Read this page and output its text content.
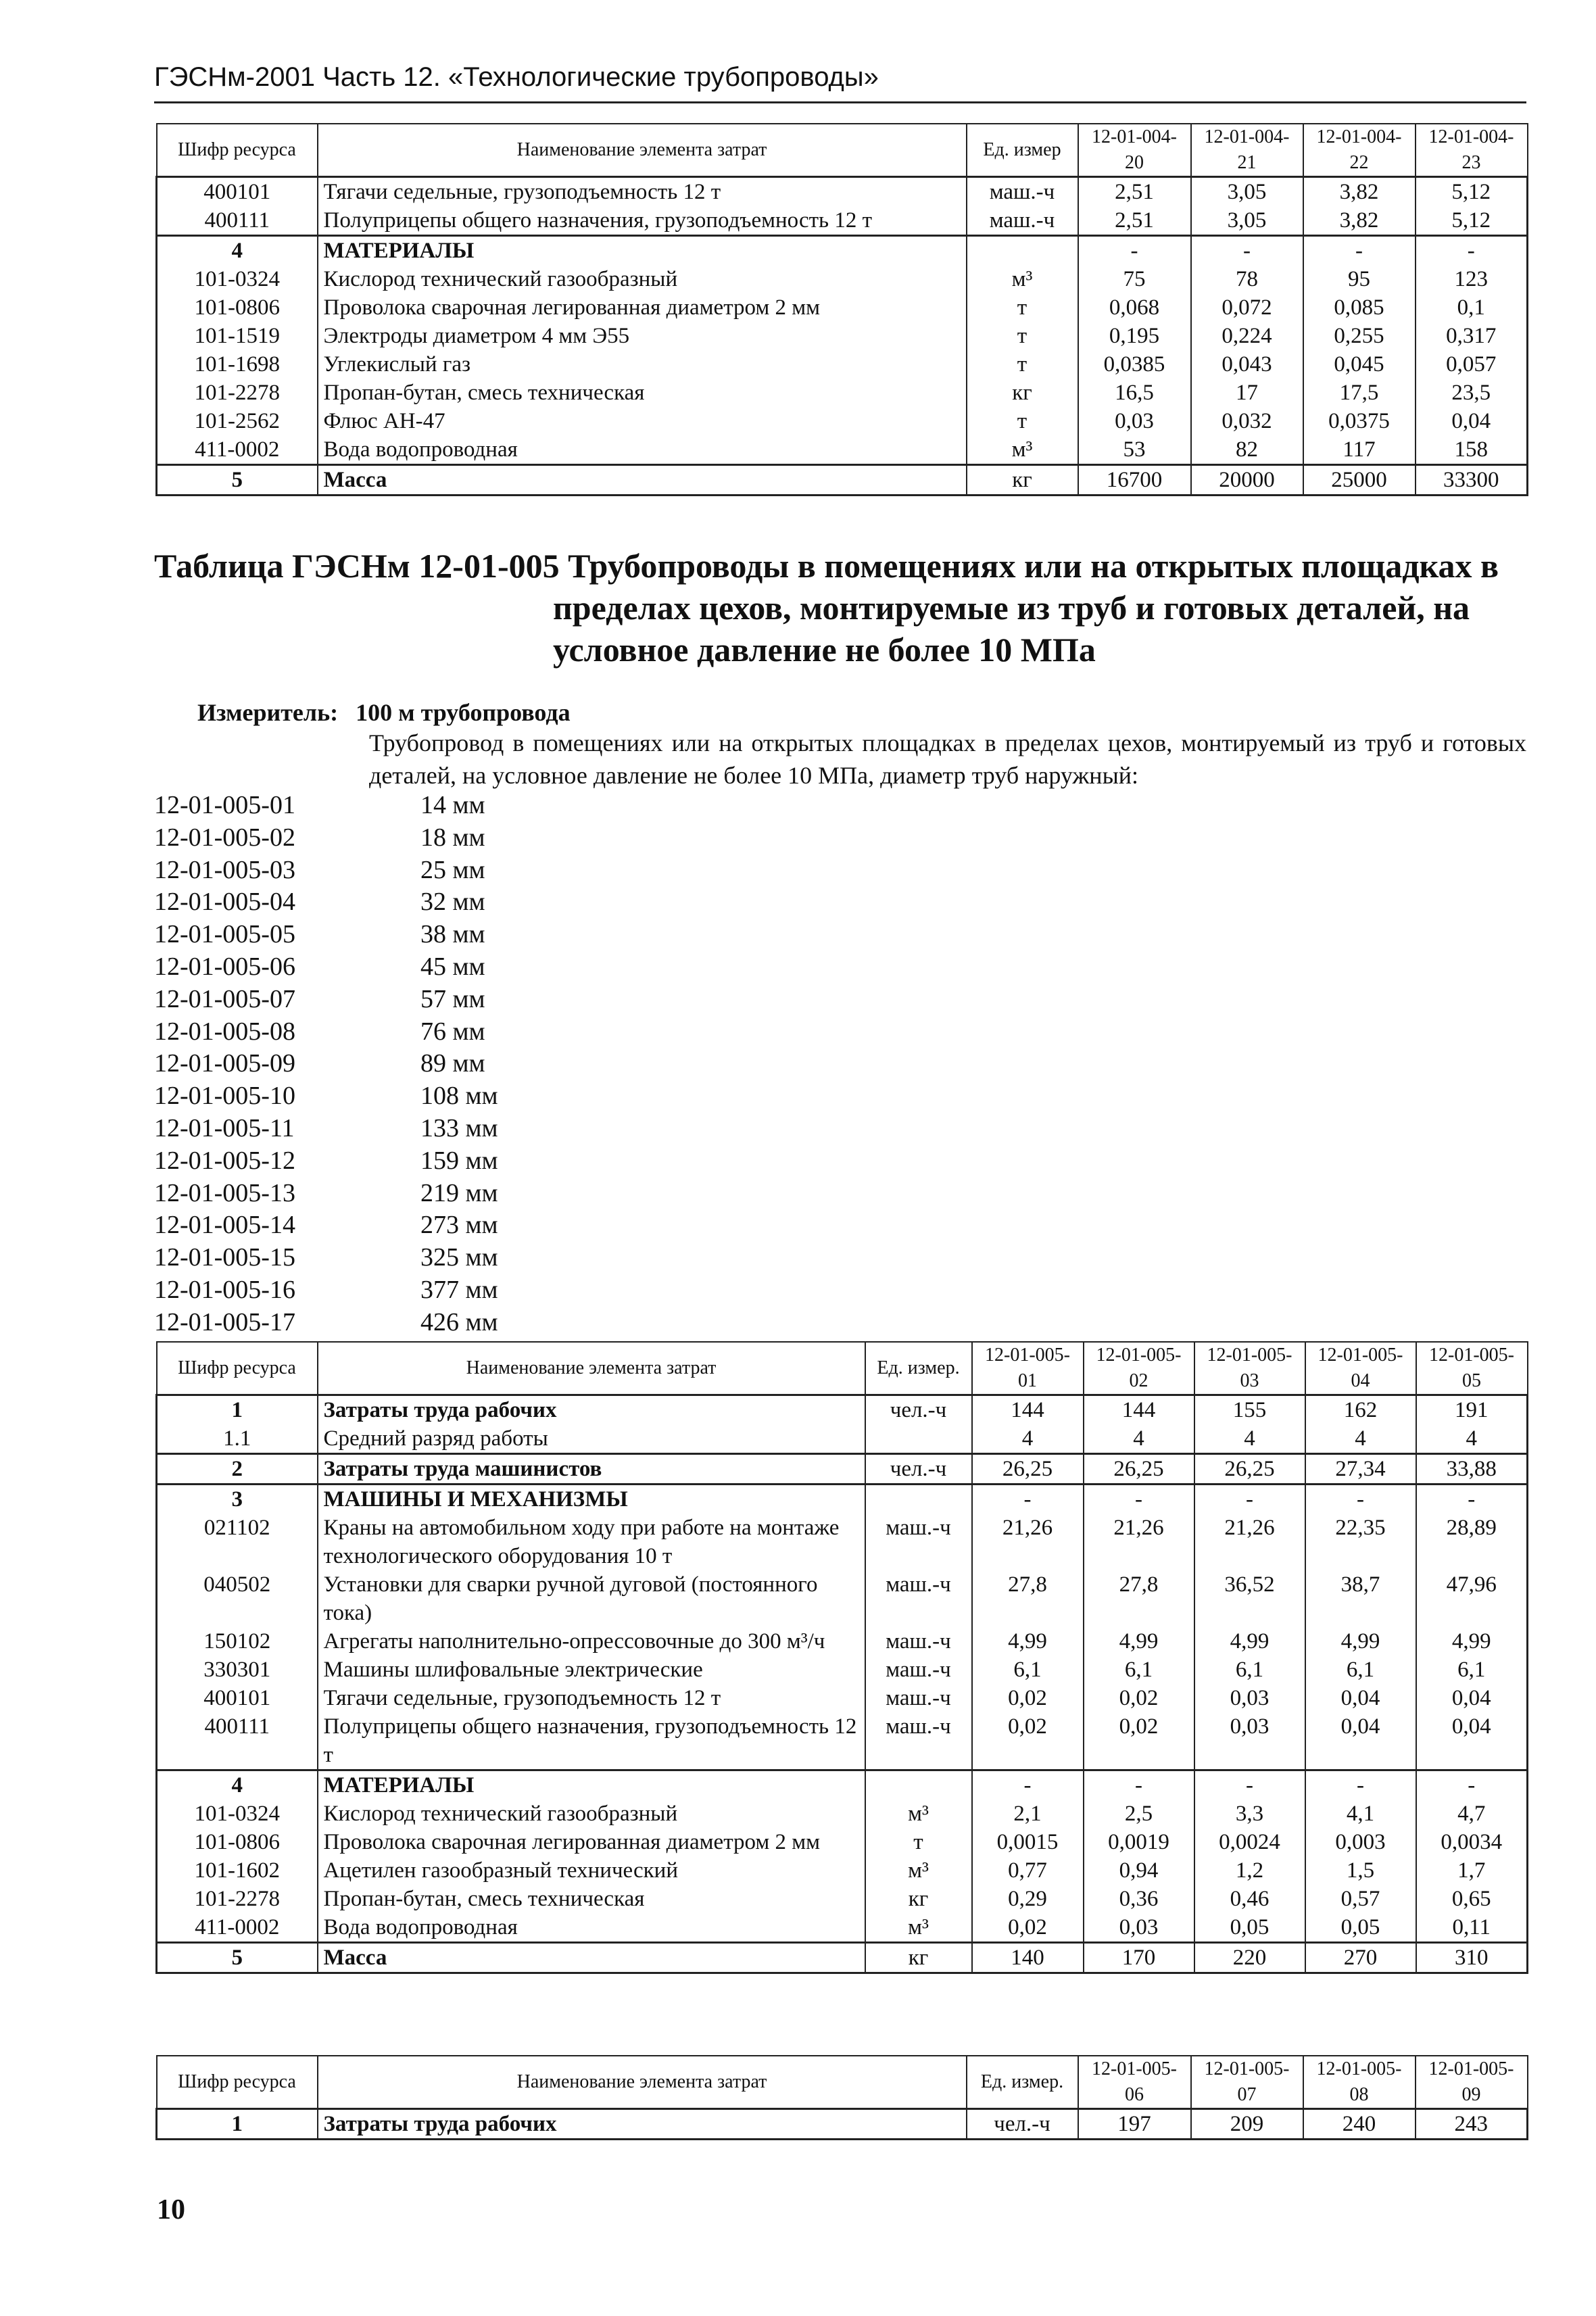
ГЭСНм-2001 Часть 12. «Технологические трубопроводы»
Шифр ресурса	Наименование элемента затрат	Ед. измер	12-01-004-20	12-01-004-21	12-01-004-22	12-01-004-23
400101	Тягачи седельные, грузоподъемность 12 т	маш.-ч	2,51	3,05	3,82	5,12
400111	Полуприцепы общего назначения, грузоподъемность 12 т	маш.-ч	2,51	3,05	3,82	5,12
4	МАТЕРИАЛЫ		-	-	-	-
101-0324	Кислород технический газообразный	м³	75	78	95	123
101-0806	Проволока сварочная легированная диаметром 2 мм	т	0,068	0,072	0,085	0,1
101-1519	Электроды диаметром 4 мм Э55	т	0,195	0,224	0,255	0,317
101-1698	Углекислый газ	т	0,0385	0,043	0,045	0,057
101-2278	Пропан-бутан, смесь техническая	кг	16,5	17	17,5	23,5
101-2562	Флюс АН-47	т	0,03	0,032	0,0375	0,04
411-0002	Вода водопроводная	м³	53	82	117	158
5	Масса	кг	16700	20000	25000	33300
Таблица ГЭСНм 12-01-005 Трубопроводы в помещениях или на открытых площадках в
пределах цехов, монтируемые из труб и готовых деталей, на
условное давление не более 10 МПа
Измеритель: 100 м трубопровода
Трубопровод в помещениях или на открытых площадках в пределах цехов, монтируемый из труб и готовых деталей, на условное давление не более 10 МПа, диаметр труб наружный:
12-01-005-01	14 мм
12-01-005-02	18 мм
12-01-005-03	25 мм
12-01-005-04	32 мм
12-01-005-05	38 мм
12-01-005-06	45 мм
12-01-005-07	57 мм
12-01-005-08	76 мм
12-01-005-09	89 мм
12-01-005-10	108 мм
12-01-005-11	133 мм
12-01-005-12	159 мм
12-01-005-13	219 мм
12-01-005-14	273 мм
12-01-005-15	325 мм
12-01-005-16	377 мм
12-01-005-17	426 мм
Шифр ресурса	Наименование элемента затрат	Ед. измер.	12-01-005-01	12-01-005-02	12-01-005-03	12-01-005-04	12-01-005-05
1	Затраты труда рабочих	чел.-ч	144	144	155	162	191
1.1	Средний разряд работы		4	4	4	4	4
2	Затраты труда машинистов	чел.-ч	26,25	26,25	26,25	27,34	33,88
3	МАШИНЫ И МЕХАНИЗМЫ		-	-	-	-	-
021102	Краны на автомобильном ходу при работе на монтаже технологического оборудования 10 т	маш.-ч	21,26	21,26	21,26	22,35	28,89
040502	Установки для сварки ручной дуговой (постоянного тока)	маш.-ч	27,8	27,8	36,52	38,7	47,96
150102	Агрегаты наполнительно-опрессовочные до 300 м³/ч	маш.-ч	4,99	4,99	4,99	4,99	4,99
330301	Машины шлифовальные электрические	маш.-ч	6,1	6,1	6,1	6,1	6,1
400101	Тягачи седельные, грузоподъемность 12 т	маш.-ч	0,02	0,02	0,03	0,04	0,04
400111	Полуприцепы общего назначения, грузоподъемность 12 т	маш.-ч	0,02	0,02	0,03	0,04	0,04
4	МАТЕРИАЛЫ		-	-	-	-	-
101-0324	Кислород технический газообразный	м³	2,1	2,5	3,3	4,1	4,7
101-0806	Проволока сварочная легированная диаметром 2 мм	т	0,0015	0,0019	0,0024	0,003	0,0034
101-1602	Ацетилен газообразный технический	м³	0,77	0,94	1,2	1,5	1,7
101-2278	Пропан-бутан, смесь техническая	кг	0,29	0,36	0,46	0,57	0,65
411-0002	Вода водопроводная	м³	0,02	0,03	0,05	0,05	0,11
5	Масса	кг	140	170	220	270	310
Шифр ресурса	Наименование элемента затрат	Ед. измер.	12-01-005-06	12-01-005-07	12-01-005-08	12-01-005-09
1	Затраты труда рабочих	чел.-ч	197	209	240	243
10
